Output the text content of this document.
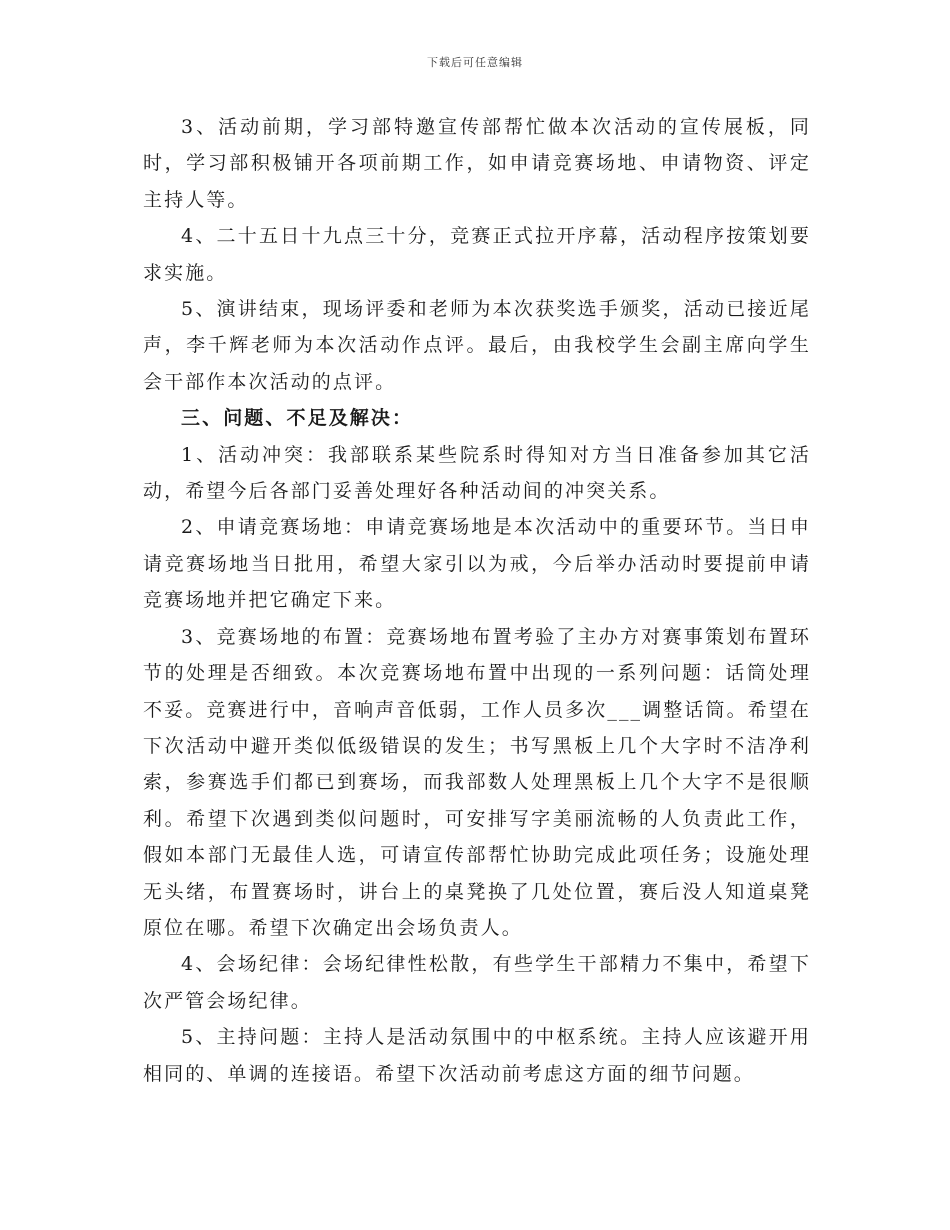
下载后可任意编辑

3、活动前期，学习部特邀宣传部帮忙做本次活动的宣传展板，同时，学习部积极铺开各项前期工作，如申请竞赛场地、申请物资、评定主持人等。

4、二十五日十九点三十分，竞赛正式拉开序幕，活动程序按策划要求实施。

5、演讲结束，现场评委和老师为本次获奖选手颁奖，活动已接近尾声，李千辉老师为本次活动作点评。最后，由我校学生会副主席向学生会干部作本次活动的点评。

三、问题、不足及解决：

1、活动冲突：我部联系某些院系时得知对方当日准备参加其它活动，希望今后各部门妥善处理好各种活动间的冲突关系。

2、申请竞赛场地：申请竞赛场地是本次活动中的重要环节。当日申请竞赛场地当日批用，希望大家引以为戒，今后举办活动时要提前申请竞赛场地并把它确定下来。

3、竞赛场地的布置：竞赛场地布置考验了主办方对赛事策划布置环节的处理是否细致。本次竞赛场地布置中出现的一系列问题：话筒处理不妥。竞赛进行中，音响声音低弱，工作人员多次___调整话筒。希望在下次活动中避开类似低级错误的发生；书写黑板上几个大字时不洁净利索，参赛选手们都已到赛场，而我部数人处理黑板上几个大字不是很顺利。希望下次遇到类似问题时，可安排写字美丽流畅的人负责此工作，假如本部门无最佳人选，可请宣传部帮忙协助完成此项任务；设施处理无头绪，布置赛场时，讲台上的桌凳换了几处位置，赛后没人知道桌凳原位在哪。希望下次确定出会场负责人。

4、会场纪律：会场纪律性松散，有些学生干部精力不集中，希望下次严管会场纪律。

5、主持问题：主持人是活动氛围中的中枢系统。主持人应该避开用相同的、单调的连接语。希望下次活动前考虑这方面的细节问题。
